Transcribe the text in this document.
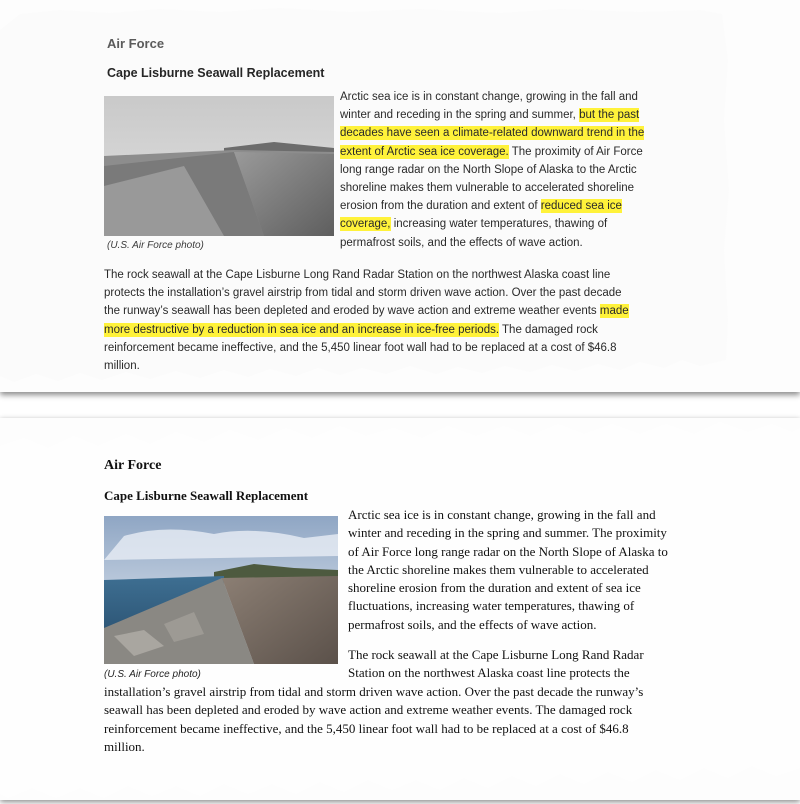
Air Force
Cape Lisburne Seawall Replacement
(U.S. Air Force photo)
Arctic sea ice is in constant change, growing in the fall and
winter and receding in the spring and summer, but the past
decades have seen a climate-related downward trend in the
extent of Arctic sea ice coverage. The proximity of Air Force
long range radar on the North Slope of Alaska to the Arctic
shoreline makes them vulnerable to accelerated shoreline
erosion from the duration and extent of reduced sea ice
coverage, increasing water temperatures, thawing of
permafrost soils, and the effects of wave action.
The rock seawall at the Cape Lisburne Long Rand Radar Station on the northwest Alaska coast line
protects the installation’s gravel airstrip from tidal and storm driven wave action. Over the past decade
the runway’s seawall has been depleted and eroded by wave action and extreme weather events made
more destructive by a reduction in sea ice and an increase in ice-free periods. The damaged rock
reinforcement became ineffective, and the 5,450 linear foot wall had to be replaced at a cost of $46.8
million.
Air Force
Cape Lisburne Seawall Replacement
(U.S. Air Force photo)
Arctic sea ice is in constant change, growing in the fall and
winter and receding in the spring and summer. The proximity
of Air Force long range radar on the North Slope of Alaska to
the Arctic shoreline makes them vulnerable to accelerated
shoreline erosion from the duration and extent of sea ice
fluctuations, increasing water temperatures, thawing of
permafrost soils, and the effects of wave action.
The rock seawall at the Cape Lisburne Long Rand Radar
Station on the northwest Alaska coast line protects the
installation’s gravel airstrip from tidal and storm driven wave action. Over the past decade the runway’s
seawall has been depleted and eroded by wave action and extreme weather events. The damaged rock
reinforcement became ineffective, and the 5,450 linear foot wall had to be replaced at a cost of $46.8
million.
